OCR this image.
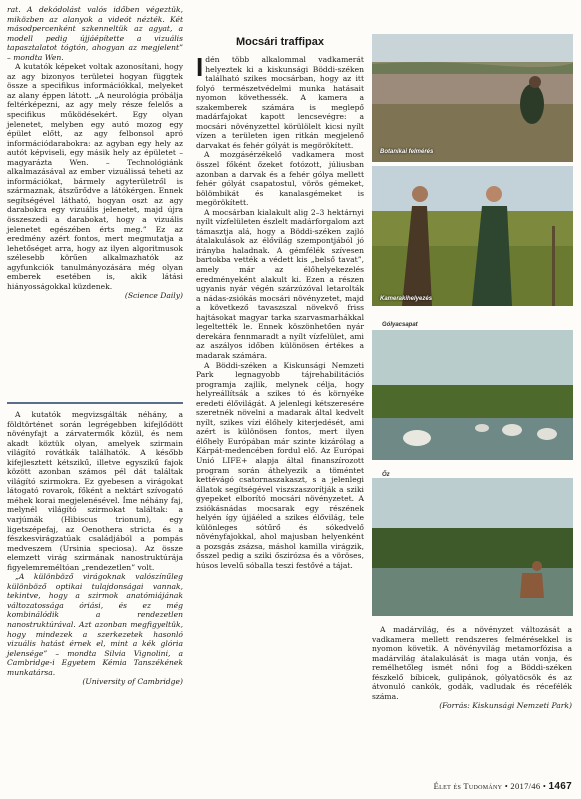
rat. A dekódolást valós időben végeztük, miközben az alanyok a videót nézték. Két másodpercenként szkenneltük az agyat, a modell pedig újjáépítette a vizuális tapasztalatot tógtón, ahogyan az megjelent” – mondta Wen.

A kutatók képeket voltak azonosítani, hogy az agy bizonyos területei hogyan függtek össze a specifikus információkkal, melyeket az alany éppen látott. „A neurológia próbálja feltérképezni, az agy mely része felelős a specifikus működésekért. Egy olyan jelenetet, melyben egy autó mozog egy épület előtt, az agy felbonsol apró információdarabokra: az agyban egy hely az autót képviseli, egy másik hely az épületet – magyarázta Wen. – Technológiánk alkalmazásával az ember vizuálissá teheti az információkat, bármely agyterületről is származnak, átszűrődve a látókérgen. Ennek segítségével látható, hogyan oszt az agy darabokra egy vizuális jelenetet, majd újra összeszedi a darabokat, hogy a vizuális jelenetet egészében érts meg.” Ez az eredmény azért fontos, mert megmutatja a lehetőséget arra, hogy az ilyen algoritmusok szélesebb körűen alkalmazhatók az agyfunkciók tanulmányozására még olyan emberek esetében is, akik látási hiányosságokkal küzdenek.

(Science Daily)

A kutatók megvizsgálták néhány, a földtörténet során legrégebben kifejlődött növényfajt a zárvatermők közül, és nem akadt köztük olyan, amelyek szirmain világító rovátkák találhatók. A később kifejlesztett kétszikű, illetve egyszikű fajok között azonban számos pél dát találtak világító szirmokra. Ez gyebesen a virágokat látogató rovarok, főként a nektárt szívogató méhek korai megjelenésével. Íme néhány faj, melynél világító szirmokat találtak: a varjúmák (Hibiscus trionum), egy ligetszépefaj, az Oenothera stricta és a fészkesvirágzatúak családjából a pompás medveszem (Ursinia speciosa). Az össze elemzett virág szirmának nanostruktúrája figyelemreméltóan „rendezetlen” volt.

„A különböző virágoknak valószínűleg különböző optikai tulajdonságai vannak, tekintve, hogy a szirmok anatómiájának változatossága óriási, és ez még kombinálódik a rendezetlen nanostruktúrával. Azt azonban megfigyeltük, hogy mindezek a szerkezetek hasonló vizuális hatást érnek el, mint a kék glória jelensége” – mondta Silvia Vignolini, a Cambridge-i Egyetem Kémia Tanszékének munkatársa.

(University of Cambridge)

Mocsári traffipax

Idén több alkalommal vadkamerát helyeztek ki a kiskunsági Böddi-széken található szikes mocsárban, hogy az itt folyó természetvédelmi munka hatásait nyomon követhessék. A kamera a szakemberek számára is meglepő madárfajokat kapott lencsevégre: a mocsári növényzettel körülölelt kicsi nyílt vízen a területen igen ritkán megjelenő darvakat és fehér gólyát is megörökített.

A mozgásérzékelő vadkamera most összel főként őzeket fotózott, júliusban azonban a darvak és a fehér gólya mellett fehér gólyát csapatostul, vörös gémeket, bölömbikát és kanalasgémeket is megörökített.

A mocsárban kialakult alig 2–3 hektárnyi nyílt vízfelületen észlelt madárforgalom azt támasztja alá, hogy a Böddi-széken zajló átalakulások az élővilág szempontjából jó irányba haladnak. A gémfélék szívesen bartokba vették a védett kis „belső tavat”, amely már az élőhelyekezelés eredményeként alakult ki. Ezen a részen ugyanis nyár végén szárzúzóval letarolták a nádas-zsiókás mocsári növényzetet, majd a következő tavaszszal növekvő friss hajtásokat magyar tarka szarvasmarhákkal legeltették le. Ennek köszönhetően nyár derekára fennmaradt a nyílt vízfelület, ami az aszályos időben különösen értékes a madarak számára.

A Böddi-széken a Kiskunsági Nemzeti Park legnagyobb tájrehabilitációs programja zajlik, melynek célja, hogy helyreállítsák a szikes tó és környéke eredeti élővilágát. A jelenlegi kétszeresére szeretnék növelni a madarak által kedvelt nyílt, szikes vízi élőhely kiterjedését, ami azért is különösen fontos, mert ilyen élőhely Európában már szinte kizárólag a Kárpát-medencében fordul elő. Az Európai Unió LIFE+ alapja által finanszírozott program során áthelyezik a töméntet kettévágó csatornaszakaszt, s a jelenlegi állatok segítségével viszszaszorítják a sziki gyepeket elborító mocsári növényzetet. A zsiókásnádas mocsarak egy részének helyén így újjáéled a szikes élővilág, tele különleges sótűrő és sókedvelő növényfajokkal, ahol majusban helyenként a pozsgás zsázsa, máshol kamilla virágzik, ősszel pedig a sziki őszirózsa és a vöröses, húsos levelű sóballa teszi festővé a tájat.

Botanikai felmérés
Kamerakihelyezés
Gólyacsapat
Őz

A madárvilág, és a növényzet változását a vadkamera mellett rendszeres felmérésekkel is nyomon követik. A növényvilág metamorfózisa a madárvilág átalakulását is maga után vonja, és remélhetőleg ismét nőni fog a Böddi-széken fészkelő bíbicek, gulipánok, gólyatöcsök és az átvonuló cankók, godák, vadludak és récefélék száma.

(Forrás: Kiskunsági Nemzeti Park)

Élet és Tudomány • 2017/46 • 1467
